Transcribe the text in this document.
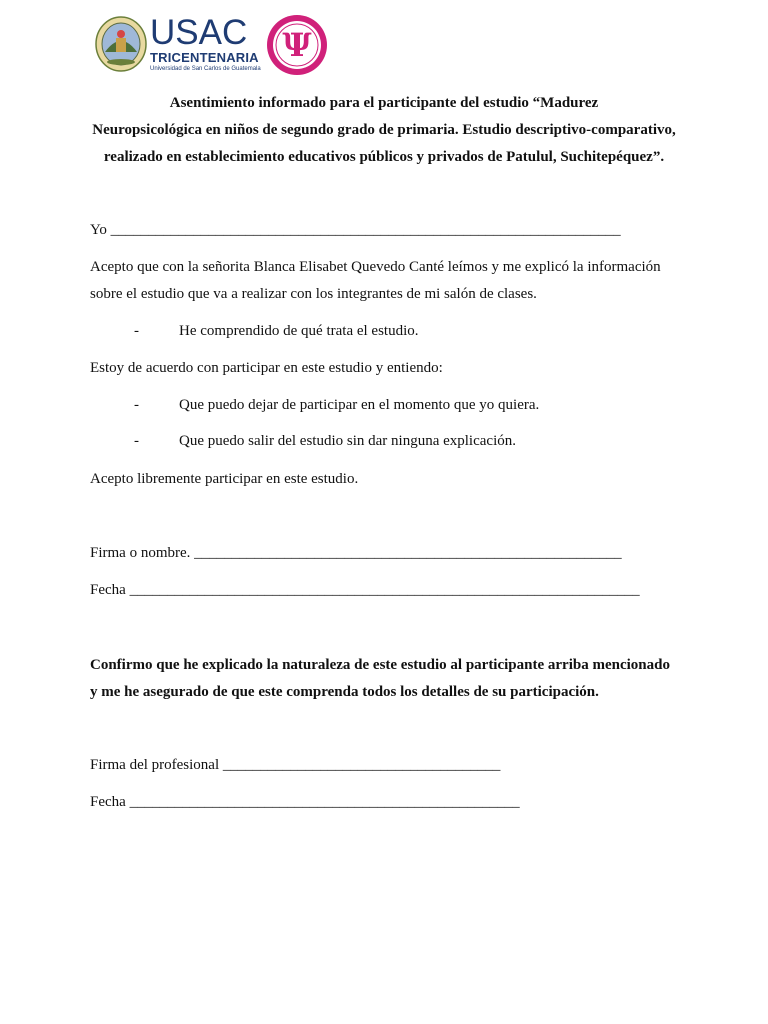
USAC
TRICENTENARIA
Universidad de San Carlos de Guatemala
Ψ
Asentimiento informado para el participante del estudio “Madurez
Neuropsicológica en niños de segundo grado de primaria. Estudio descriptivo-comparativo,
realizado en establecimiento educativos públicos y privados de Patulul, Suchitepéquez”.
Yo ____________________________________________________________________
Acepto que con la señorita Blanca Elisabet Quevedo Canté leímos y me explicó la información
sobre el estudio que va a realizar con los integrantes de mi salón de clases.
-	He comprendido de qué trata el estudio.
Estoy de acuerdo con participar en este estudio y entiendo:
-	Que puedo dejar de participar en el momento que yo quiera.
-	Que puedo salir del estudio sin dar ninguna explicación.
Acepto libremente participar en este estudio.
Firma o nombre. _________________________________________________________
Fecha ____________________________________________________________________
Confirmo que he explicado la naturaleza de este estudio al participante arriba mencionado
y me he asegurado de que este comprenda todos los detalles de su participación.
Firma del profesional _____________________________________
Fecha ____________________________________________________
